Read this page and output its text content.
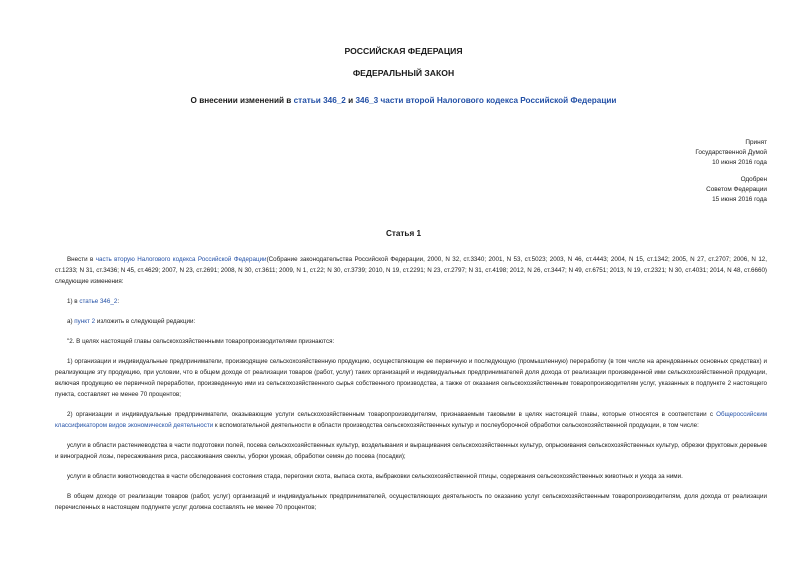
РОССИЙСКАЯ ФЕДЕРАЦИЯ
ФЕДЕРАЛЬНЫЙ ЗАКОН
О внесении изменений в статьи 346_2 и 346_3 части второй Налогового кодекса Российской Федерации
Принят
Государственной Думой
10 июня 2016 года
Одобрен
Советом Федерации
15 июня 2016 года
Статья 1

Внести в часть вторую Налогового кодекса Российской Федерации(Собрание законодательства Российской Федерации, 2000, N 32, ст.3340; 2001, N 53, ст.5023; 2003, N 46, ст.4443; 2004, N 15, ст.1342; 2005, N 27, ст.2707; 2006, N 12, ст.1233; N 31, ст.3436; N 45, ст.4629; 2007, N 23, ст.2691; 2008, N 30, ст.3611; 2009, N 1, ст.22; N 30, ст.3739; 2010, N 19, ст.2291; N 23, ст.2797; N 31, ст.4198; 2012, N 26, ст.3447; N 49, ст.6751; 2013, N 19, ст.2321; N 30, ст.4031; 2014, N 48, ст.6660) следующие изменения:

1) в статье 346_2:

а) пункт 2 изложить в следующей редакции:

"2. В целях настоящей главы сельскохозяйственными товаропроизводителями признаются:

1) организации и индивидуальные предприниматели, производящие сельскохозяйственную продукцию, осуществляющие ее первичную и последующую (промышленную) переработку (в том числе на арендованных основных средствах) и реализующие эту продукцию, при условии, что в общем доходе от реализации товаров (работ, услуг) таких организаций и индивидуальных предпринимателей доля дохода от реализации произведенной ими сельскохозяйственной продукции, включая продукцию ее первичной переработки, произведенную ими из сельскохозяйственного сырья собственного производства, а также от оказания сельскохозяйственным товаропроизводителям услуг, указанных в подпункте 2 настоящего пункта, составляет не менее 70 процентов;

2) организации и индивидуальные предприниматели, оказывающие услуги сельскохозяйственным товаропроизводителям, признаваемым таковыми в целях настоящей главы, которые относятся в соответствии с Общероссийским классификатором видов экономической деятельности к вспомогательной деятельности в области производства сельскохозяйственных культур и послеуборочной обработки сельскохозяйственной продукции, в том числе:

услуги в области растениеводства в части подготовки полей, посева сельскохозяйственных культур, возделывания и выращивания сельскохозяйственных культур, опрыскивания сельскохозяйственных культур, обрезки фруктовых деревьев и виноградной лозы, пересаживания риса, рассаживания свеклы, уборки урожая, обработки семян до посева (посадки);

услуги в области животноводства в части обследования состояния стада, перегонки скота, выпаса скота, выбраковки сельскохозяйственной птицы, содержания сельскохозяйственных животных и ухода за ними.

В общем доходе от реализации товаров (работ, услуг) организаций и индивидуальных предпринимателей, осуществляющих деятельность по оказанию услуг сельскохозяйственным товаропроизводителям, доля дохода от реализации перечисленных в настоящем подпункте услуг должна составлять не менее 70 процентов;
